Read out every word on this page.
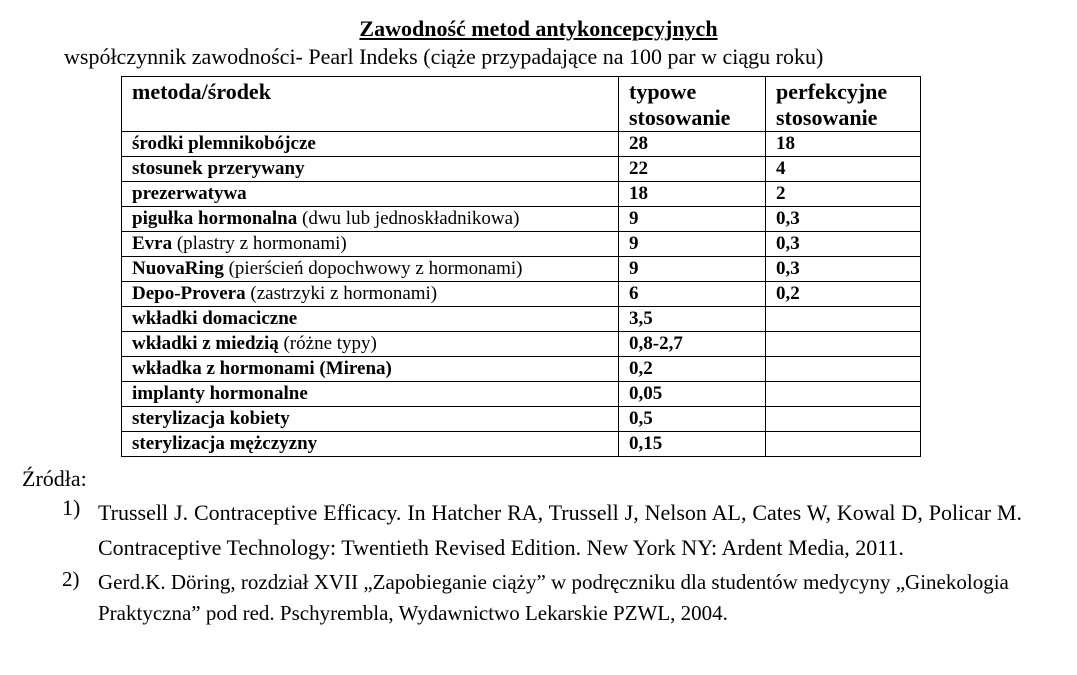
Zawodność metod antykoncepcyjnych
współczynnik zawodności- Pearl Indeks (ciąże przypadające na 100 par w ciągu roku)
metoda/środek	typowe stosowanie	perfekcyjne stosowanie
środki plemnikobójcze	28	18
stosunek przerywany	22	4
prezerwatywa	18	2
pigułka hormonalna (dwu lub jednoskładnikowa)	9	0,3
Evra (plastry z hormonami)	9	0,3
NuovaRing (pierścień dopochwowy z hormonami)	9	0,3
Depo-Provera (zastrzyki z hormonami)	6	0,2
wkładki domaciczne	3,5	
wkładki z miedzią (różne typy)	0,8-2,7	
wkładka z hormonami (Mirena)	0,2	
implanty hormonalne	0,05	
sterylizacja kobiety	0,5	
sterylizacja mężczyzny	0,15	
Źródła:
1) Trussell J. Contraceptive Efficacy. In Hatcher RA, Trussell J, Nelson AL, Cates W, Kowal D, Policar M. Contraceptive Technology: Twentieth Revised Edition. New York NY: Ardent Media, 2011.
2) Gerd.K. Döring, rozdział XVII „Zapobieganie ciąży” w podręczniku dla studentów medycyny „Ginekologia Praktyczna” pod red. Pschyrembla, Wydawnictwo Lekarskie PZWL, 2004.
